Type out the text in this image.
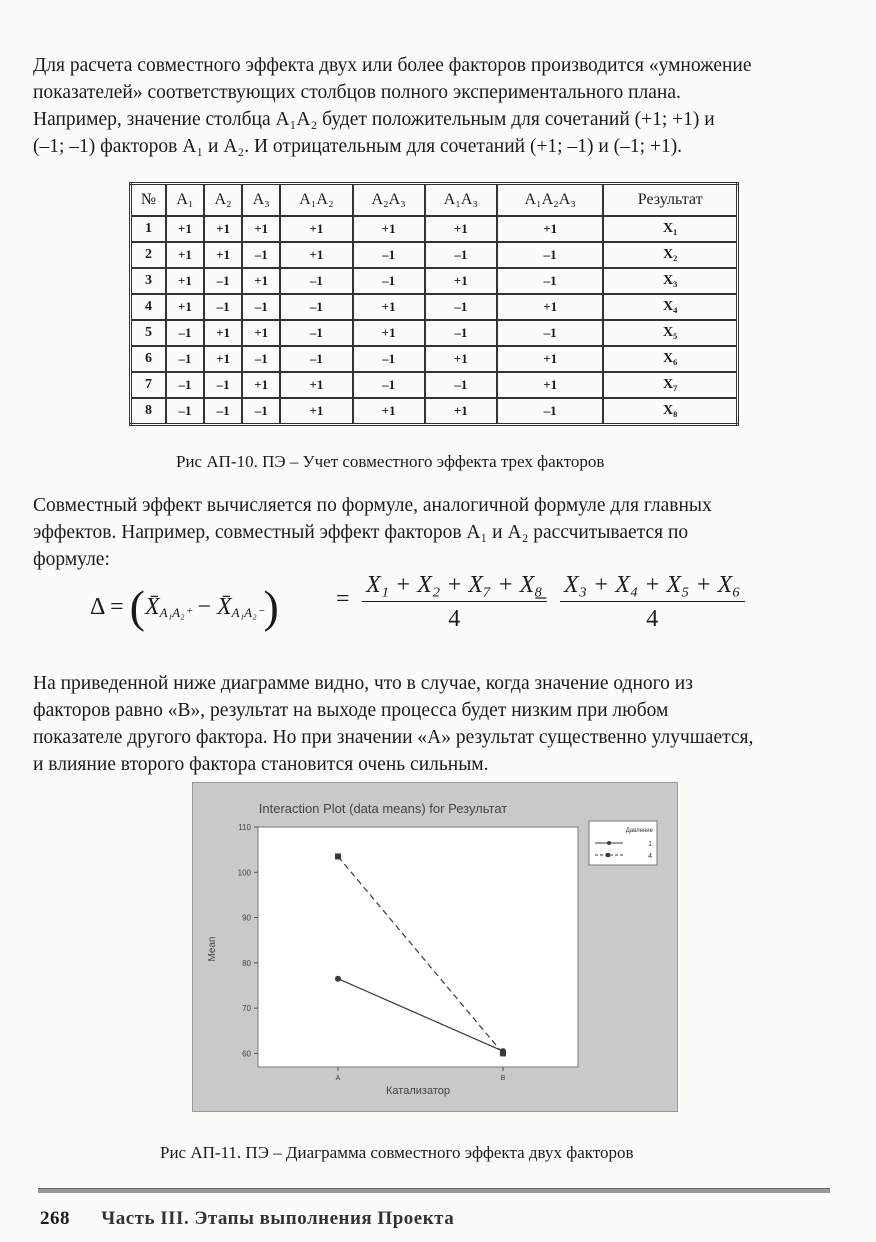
Для расчета совместного эффекта двух или более факторов производится «умножение
показателей» соответствующих столбцов полного экспериментального плана.
Например, значение столбца A₁A₂ будет положительным для сочетаний (+1; +1) и
(–1; –1) факторов A₁ и A₂. И отрицательным для сочетаний (+1; –1) и (–1; +1).
№	A₁	A₂	A₃	A₁A₂	A₂A₃	A₁A₃	A₁A₂A₃	Результат
1	+1	+1	+1	+1	+1	+1	+1	X₁
2	+1	+1	–1	+1	–1	–1	–1	X₂
3	+1	–1	+1	–1	–1	+1	–1	X₃
4	+1	–1	–1	–1	+1	–1	+1	X₄
5	–1	+1	+1	–1	+1	–1	–1	X₅
6	–1	+1	–1	–1	–1	+1	+1	X₆
7	–1	–1	+1	+1	–1	–1	+1	X₇
8	–1	–1	–1	+1	+1	+1	–1	X₈
Рис АП-10. ПЭ – Учет совместного эффекта трех факторов
Совместный эффект вычисляется по формуле, аналогичной формуле для главных
эффектов. Например, совместный эффект факторов A₁ и A₂ рассчитывается по
формуле:
$\Delta = (X̄_{A_1A_2^+}$ − $X̄_{A_1A_2^-}) = \frac{\text{X₁ + X₂ + X₇ + X₈}}{4}$
− $\frac{\text{X₃ + X₄ + X₅ + X₆}}{4}$
На приведенной ниже диаграмме видно, что в случае, когда значение одного из
факторов равно «В», результат на выходе процесса будет низким при любом
показателе другого фактора. Но при значении «А» результат существенно улучшается,
и влияние второго фактора становится очень сильным.
Interaction Plot (data means) for Результат
60
70
80
90
100
110
A	B
Mean
Катализатор
Давление
1
4
Рис АП-11. ПЭ – Диаграмма совместного эффекта двух факторов
268 Часть III. Этапы выполнения Проекта
